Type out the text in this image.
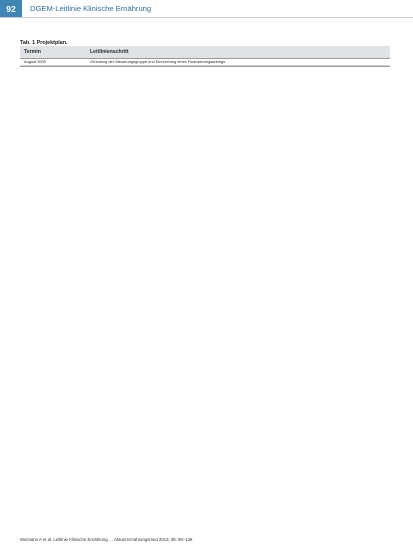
92	DGEM-Leitlinie Klinische Ernährung
Tab. 1 Projektplan.
Termin	Leitlinienschritt
August 2009	Gründung der Steuerungsgruppe und Einreichung eines Finanzierungsantrags
Weimann A et al. Leitlinie Klinische Ernährung … Aktuel Ernahrungsmed 2013; 38: 99–138
